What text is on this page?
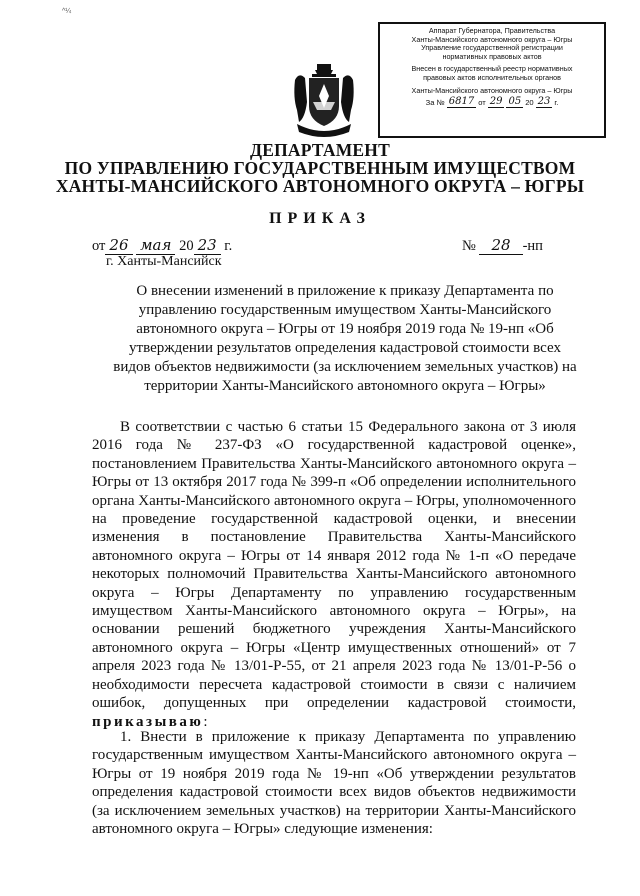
^¼
Аппарат Губернатора, Правительства
Ханты-Мансийского автономного округа – Югры
Управление государственной регистрации
нормативных правовых актов
Внесен в государственный реестр нормативных
правовых актов исполнительных органов
Ханты-Мансийского автономного округа – Югры
За № 6817 от 29 05 20 23 г.
ДЕПАРТАМЕНТ
ПО УПРАВЛЕНИЮ ГОСУДАРСТВЕННЫМ ИМУЩЕСТВОМ
ХАНТЫ-МАНСИЙСКОГО АВТОНОМНОГО ОКРУГА – ЮГРЫ
ПРИКАЗ
от 26 мая 20 23 г.	№ 28 -нп
г. Ханты-Мансийск
О внесении изменений в приложение к приказу Департамента по управлению государственным имуществом Ханты-Мансийского автономного округа – Югры от 19 ноября 2019 года № 19-нп «Об утверждении результатов определения кадастровой стоимости всех видов объектов недвижимости (за исключением земельных участков) на территории Ханты-Мансийского автономного округа – Югры»

В соответствии с частью 6 статьи 15 Федерального закона от 3 июля 2016 года № 237-ФЗ «О государственной кадастровой оценке», постановлением Правительства Ханты-Мансийского автономного округа – Югры от 13 октября 2017 года № 399-п «Об определении исполнительного органа Ханты-Мансийского автономного округа – Югры, уполномоченного на проведение государственной кадастровой оценки, и внесении изменения в постановление Правительства Ханты-Мансийского автономного округа – Югры от 14 января 2012 года № 1-п «О передаче некоторых полномочий Правительства Ханты-Мансийского автономного округа – Югры Департаменту по управлению государственным имуществом Ханты-Мансийского автономного округа – Югры», на основании решений бюджетного учреждения Ханты-Мансийского автономного округа – Югры «Центр имущественных отношений» от 7 апреля 2023 года № 13/01-Р-55, от 21 апреля 2023 года № 13/01-Р-56 о необходимости пересчета кадастровой стоимости в связи с наличием ошибок, допущенных при определении кадастровой стоимости, приказываю:

1. Внести в приложение к приказу Департамента по управлению государственным имуществом Ханты-Мансийского автономного округа – Югры от 19 ноября 2019 года № 19-нп «Об утверждении результатов определения кадастровой стоимости всех видов объектов недвижимости (за исключением земельных участков) на территории Ханты-Мансийского автономного округа – Югры» следующие изменения:
